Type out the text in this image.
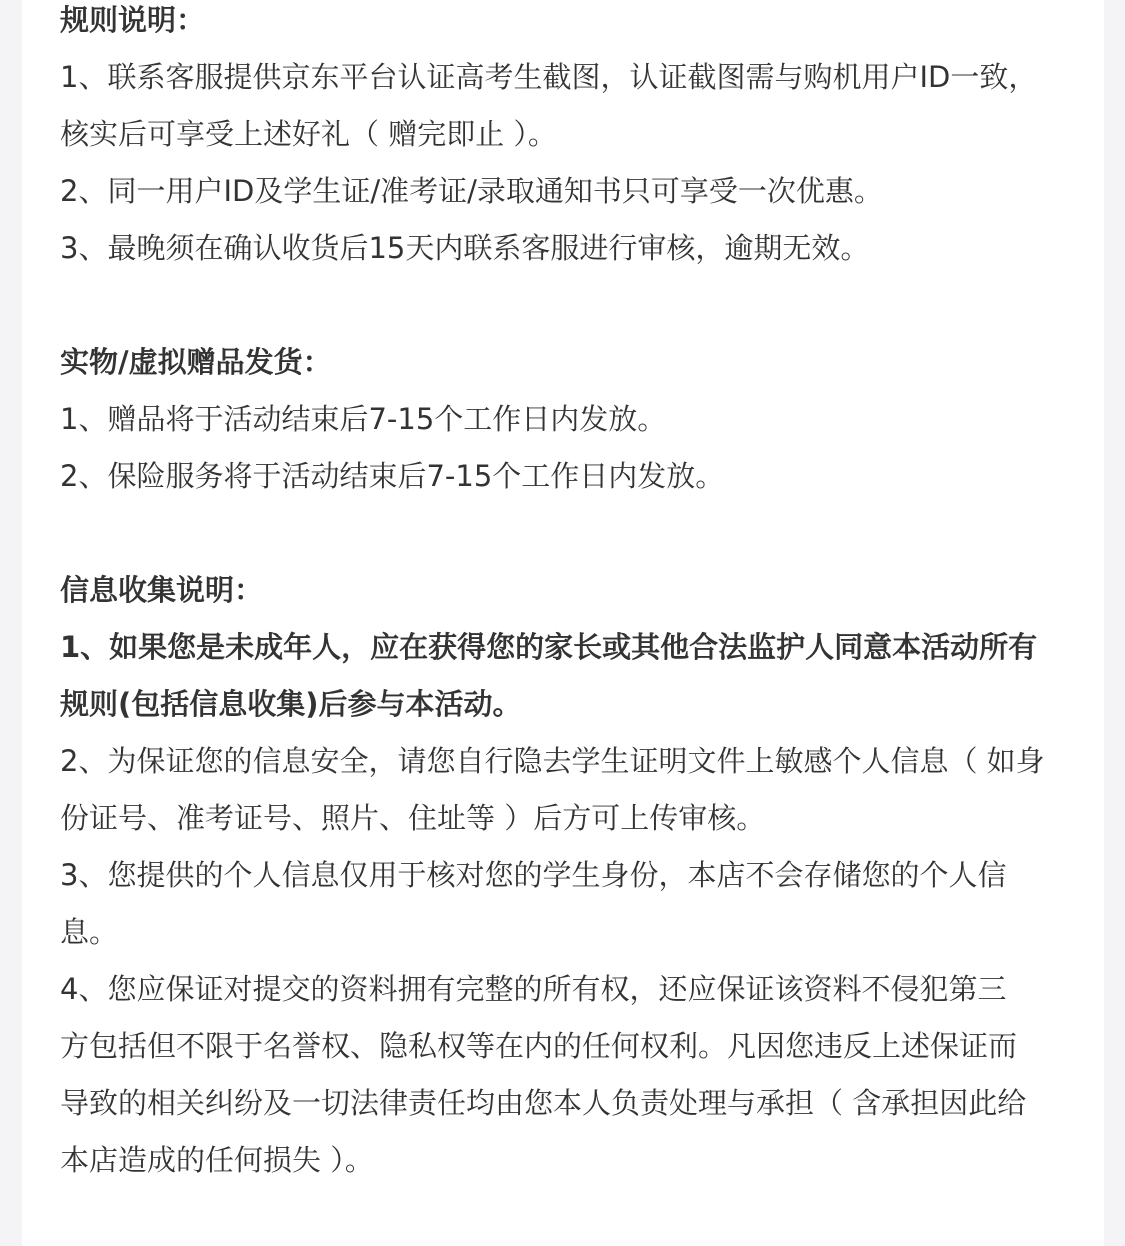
规则说明：

1、联系客服提供京东平台认证高考生截图，认证截图需与购机用户ID一致，

核实后可享受上述好礼（ 赠完即止 ）。

2、同一用户ID及学生证/准考证/录取通知书只可享受一次优惠。

3、最晚须在确认收货后15天内联系客服进行审核，逾期无效。

实物/虚拟赠品发货：

1、赠品将于活动结束后7-15个工作日内发放。

2、保险服务将于活动结束后7-15个工作日内发放。

信息收集说明：

1、如果您是未成年人，应在获得您的家长或其他合法监护人同意本活动所有

规则(包括信息收集)后参与本活动。

2、为保证您的信息安全，请您自行隐去学生证明文件上敏感个人信息（ 如身

份证号、准考证号、照片、住址等 ）后方可上传审核。

3、您提供的个人信息仅用于核对您的学生身份，本店不会存储您的个人信

息。

4、您应保证对提交的资料拥有完整的所有权，还应保证该资料不侵犯第三

方包括但不限于名誉权、隐私权等在内的任何权利。凡因您违反上述保证而

导致的相关纠纷及一切法律责任均由您本人负责处理与承担（ 含承担因此给

本店造成的任何损失 ）。
